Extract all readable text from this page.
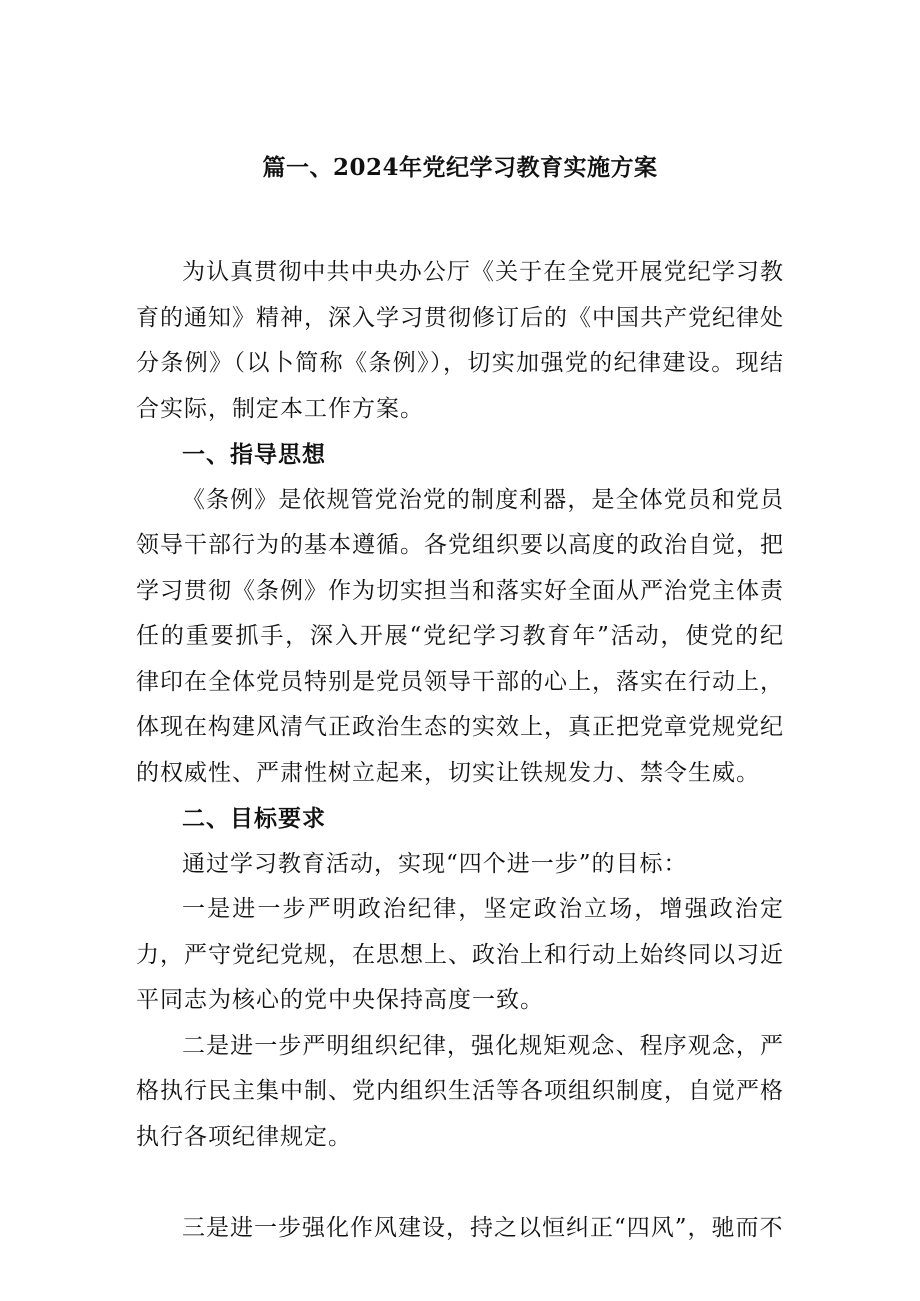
篇一、2024年党纪学习教育实施方案

为认真贯彻中共中央办公厅《关于在全党开展党纪学习教育的通知》精神，深入学习贯彻修订后的《中国共产党纪律处分条例》（以卜简称《条例》），切实加强党的纪律建设。现结合实际，制定本工作方案。

一、指导思想

《条例》是依规管党治党的制度利器，是全体党员和党员领导干部行为的基本遵循。各党组织要以高度的政治自觉，把学习贯彻《条例》作为切实担当和落实好全面从严治党主体责任的重要抓手，深入开展“党纪学习教育年”活动，使党的纪律印在全体党员特别是党员领导干部的心上，落实在行动上，体现在构建风清气正政治生态的实效上，真正把党章党规党纪的权威性、严肃性树立起来，切实让铁规发力、禁令生威。

二、目标要求

通过学习教育活动，实现“四个进一步”的目标：

一是进一步严明政治纪律，坚定政治立场，增强政治定力，严守党纪党规，在思想上、政治上和行动上始终同以习近平同志为核心的党中央保持高度一致。

二是进一步严明组织纪律，强化规矩观念、程序观念，严格执行民主集中制、党内组织生活等各项组织制度，自觉严格执行各项纪律规定。

三是进一步强化作风建设，持之以恒纠正“四风”，驰而不
